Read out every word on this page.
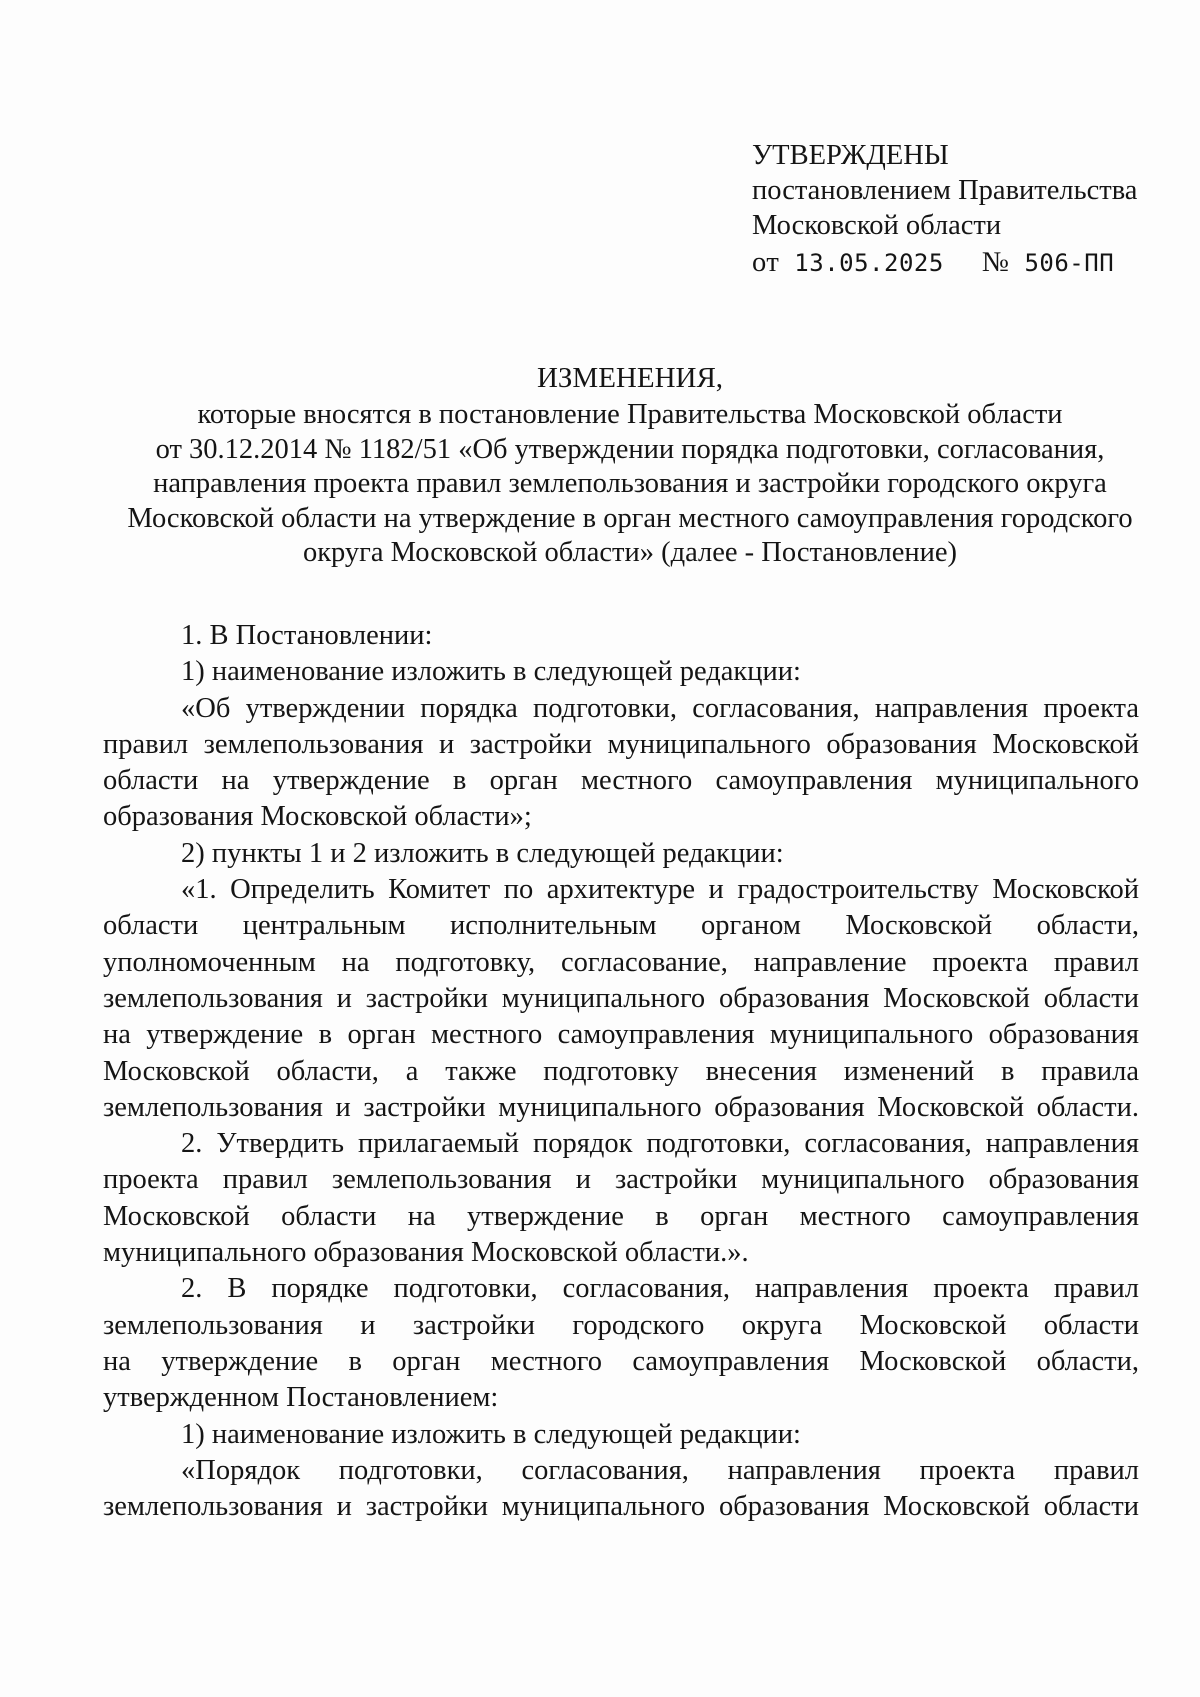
УТВЕРЖДЕНЫ
постановлением Правительства
Московской области
от 13.05.2025 № 506-ПП
ИЗМЕНЕНИЯ,
которые вносятся в постановление Правительства Московской области
от 30.12.2014 № 1182/51 «Об утверждении порядка подготовки, согласования,
направления проекта правил землепользования и застройки городского округа
Московской области на утверждение в орган местного самоуправления городского
округа Московской области» (далее - Постановление)
1. В Постановлении:
1) наименование изложить в следующей редакции:
«Об утверждении порядка подготовки, согласования, направления проекта
правил землепользования и застройки муниципального образования Московской
области на утверждение в орган местного самоуправления муниципального
образования Московской области»;
2) пункты 1 и 2 изложить в следующей редакции:
«1. Определить Комитет по архитектуре и градостроительству Московской
области центральным исполнительным органом Московской области,
уполномоченным на подготовку, согласование, направление проекта правил
землепользования и застройки муниципального образования Московской области
на утверждение в орган местного самоуправления муниципального образования
Московской области, а также подготовку внесения изменений в правила
землепользования и застройки муниципального образования Московской области.
2. Утвердить прилагаемый порядок подготовки, согласования, направления
проекта правил землепользования и застройки муниципального образования
Московской области на утверждение в орган местного самоуправления
муниципального образования Московской области.».
2. В порядке подготовки, согласования, направления проекта правил
землепользования и застройки городского округа Московской области
на утверждение в орган местного самоуправления Московской области,
утвержденном Постановлением:
1) наименование изложить в следующей редакции:
«Порядок подготовки, согласования, направления проекта правил
землепользования и застройки муниципального образования Московской области
